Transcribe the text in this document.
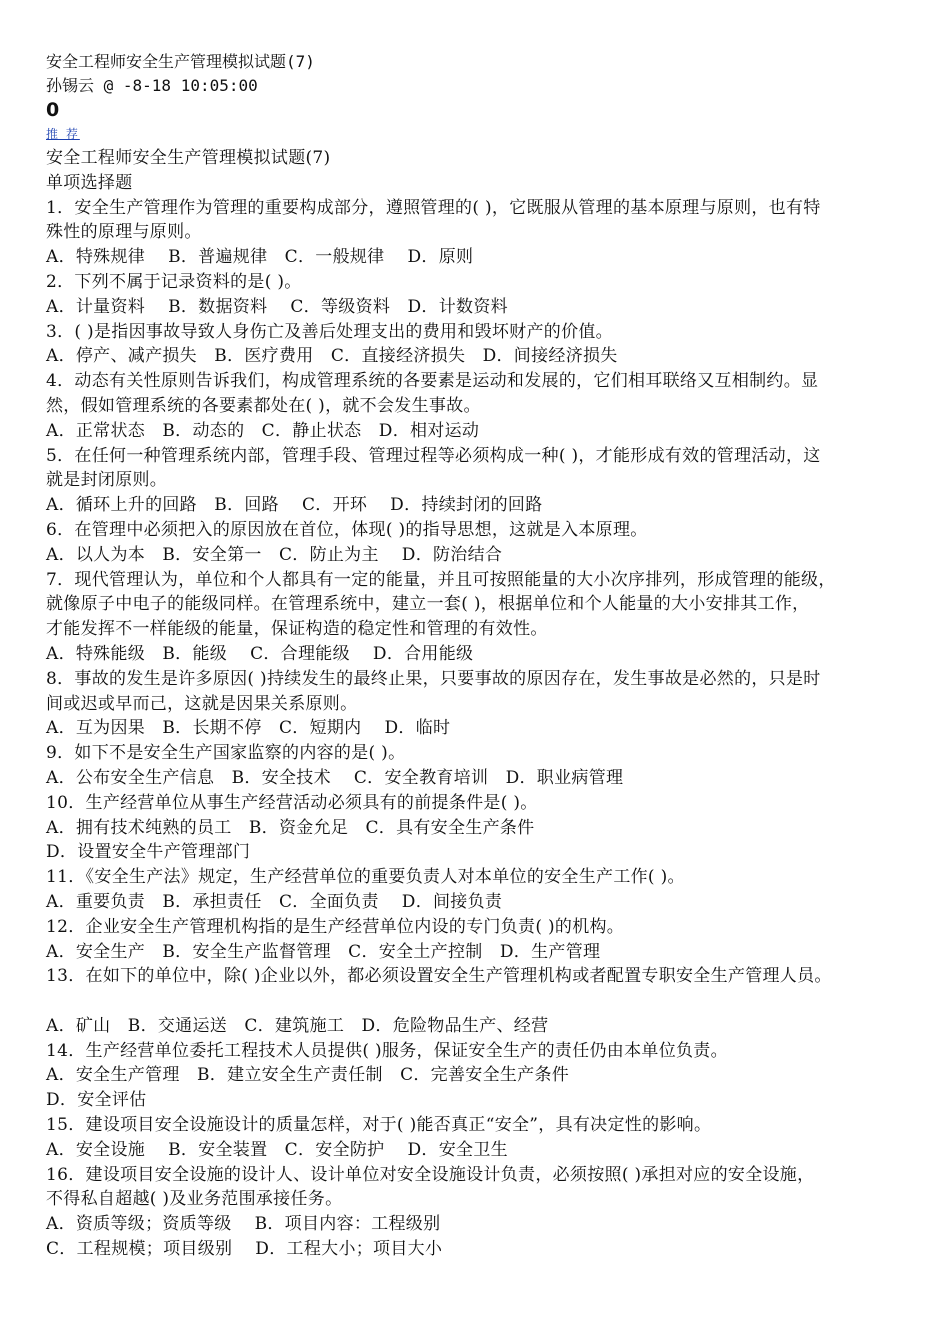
安全工程师安全生产管理模拟试题(7)
孙锡云 @ -8-18 10:05:00
0
推 荐
安全工程师安全生产管理模拟试题(7)
单项选择题
1．安全生产管理作为管理的重要构成部分，遵照管理的( )，它既服从管理的基本原理与原则，也有特
殊性的原理与原则。
A．特殊规律　 B．普遍规律　C．一般规律　 D．原则
2．下列不属于记录资料的是( )。
A．计量资料　 B．数据资料　 C．等级资料　D．计数资料
3．( )是指因事故导致人身伤亡及善后处理支出的费用和毁坏财产的价值。
A．停产、减产损失　B．医疗费用　C．直接经济损失　D．间接经济损失
4．动态有关性原则告诉我们，构成管理系统的各要素是运动和发展的，它们相耳联络又互相制约。显
然，假如管理系统的各要素都处在( )，就不会发生事故。
A．正常状态　B．动态的　C．静止状态　D．相对运动
5．在任何一种管理系统内部，管理手段、管理过程等必须构成一种( )，才能形成有效的管理活动，这
就是封闭原则。
A．循环上升的回路　B．回路　 C．开环　 D．持续封闭的回路
6．在管理中必须把入的原因放在首位，体现( )的指导思想，这就是入本原理。
A．以人为本　B．安全第一　C．防止为主　 D．防治结合
7．现代管理认为，单位和个人都具有一定的能量，并且可按照能量的大小次序排列，形成管理的能级，
就像原子中电子的能级同样。在管理系统中，建立一套( )，根据单位和个人能量的大小安排其工作，
才能发挥不一样能级的能量，保证构造的稳定性和管理的有效性。
A．特殊能级　B．能级　 C．合理能级　 D．合用能级
8．事故的发生是许多原因( )持续发生的最终止果，只要事故的原因存在，发生事故是必然的，只是时
间或迟或早而己，这就是因果关系原则。
A．互为因果　B．长期不停　C．短期内　 D．临时
9．如下不是安全生产国家监察的内容的是( )。
A．公布安全生产信息　B．安全技术　 C．安全教育培训　D．职业病管理
10．生产经营单位从事生产经营活动必须具有的前提条件是( )。
A．拥有技术纯熟的员工　B．资金允足　C．具有安全生产条件
D．设置安全牛产管理部门
11．《安全生产法》规定，生产经营单位的重要负责人对本单位的安全生产工作( )。
A．重要负责　B．承担责任　C．全面负责　 D．间接负责
12．企业安全生产管理机构指的是生产经营单位内设的专门负责( )的机构。
A．安全生产　B．安全生产监督管理　C．安全土产控制　D．生产管理
13．在如下的单位中，除( )企业以外，都必须设置安全生产管理机构或者配置专职安全生产管理人员。
A．矿山　B．交通运送　C．建筑施工　D．危险物品生产、经营
14．生产经营单位委托工程技术人员提供( )服务，保证安全生产的责任仍由本单位负责。
A．安全生产管理　B．建立安全生产责任制　C．完善安全生产条件
D．安全评估
15．建设项目安全设施设计的质量怎样，对于( )能否真正“安全”，具有决定性的影响。
A．安全设施　 B．安全装置　C．安全防护　 D．安全卫生
16．建设项目安全设施的设计人、设计单位对安全设施设计负责，必须按照( )承担对应的安全设施，
不得私自超越( )及业务范围承接任务。
A．资质等级；资质等级　 B．项目内容：工程级别
C．工程规模；项目级别　 D．工程大小；项目大小
